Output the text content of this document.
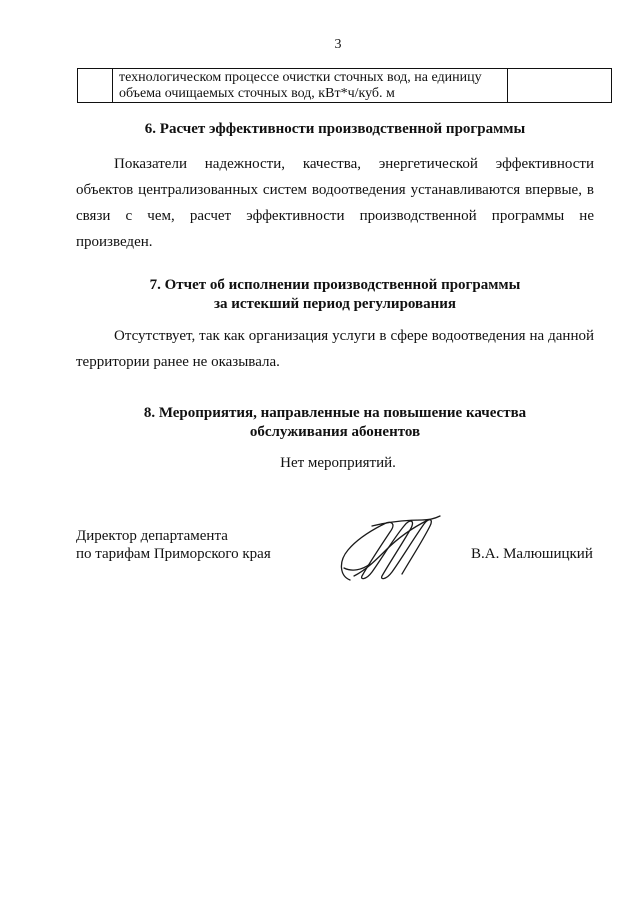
3

технологическом процессе очистки сточных вод, на единицу
объема очищаемых сточных вод, кВт*ч/куб. м

6. Расчет эффективности производственной программы
Показатели надежности, качества, энергетической эффективности объектов централизованных систем водоотведения устанавливаются впервые, в связи с чем, расчет эффективности производственной программы не произведен.
7. Отчет об исполнении производственной программы
за истекший период регулирования
Отсутствует, так как организация услуги в сфере водоотведения на данной территории ранее не оказывала.
8. Мероприятия, направленные на повышение качества
обслуживания абонентов
Нет мероприятий.
Директор департамента
по тарифам Приморского края	В.А. Малюшицкий
